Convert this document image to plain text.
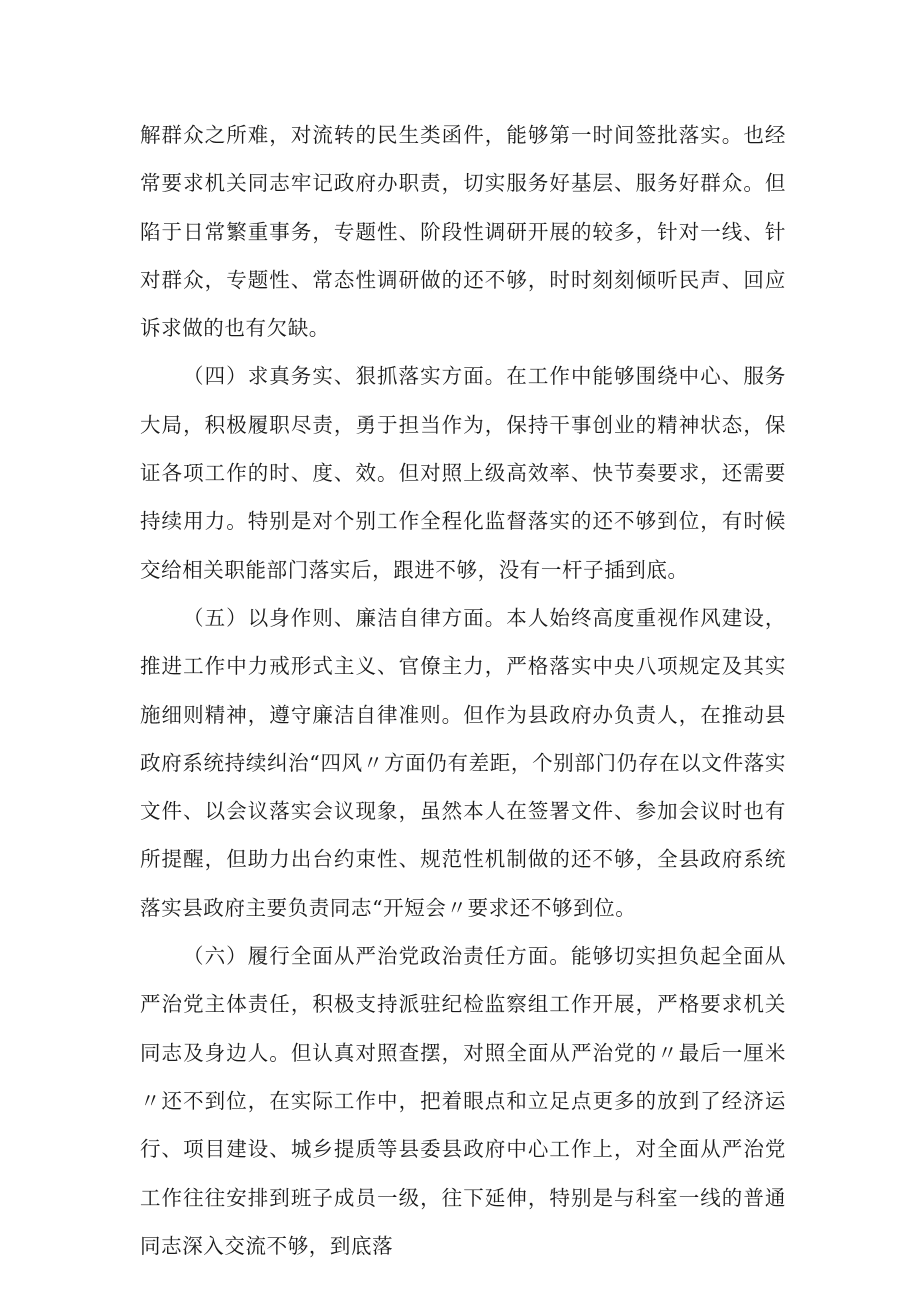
解群众之所难，对流转的民生类函件，能够第一时间签批落实。也经常要求机关同志牢记政府办职责，切实服务好基层、服务好群众。但陷于日常繁重事务，专题性、阶段性调研开展的较多，针对一线、针对群众，专题性、常态性调研做的还不够，时时刻刻倾听民声、回应诉求做的也有欠缺。

（四）求真务实、狠抓落实方面。在工作中能够围绕中心、服务大局，积极履职尽责，勇于担当作为，保持干事创业的精神状态，保证各项工作的时、度、效。但对照上级高效率、快节奏要求，还需要持续用力。特别是对个别工作全程化监督落实的还不够到位，有时候交给相关职能部门落实后，跟进不够，没有一杆子插到底。

（五）以身作则、廉洁自律方面。本人始终高度重视作风建设，推进工作中力戒形式主义、官僚主力，严格落实中央八项规定及其实施细则精神，遵守廉洁自律准则。但作为县政府办负责人，在推动县政府系统持续纠治“四风〃方面仍有差距，个别部门仍存在以文件落实文件、以会议落实会议现象，虽然本人在签署文件、参加会议时也有所提醒，但助力出台约束性、规范性机制做的还不够，全县政府系统落实县政府主要负责同志“开短会〃要求还不够到位。

（六）履行全面从严治党政治责任方面。能够切实担负起全面从严治党主体责任，积极支持派驻纪检监察组工作开展，严格要求机关同志及身边人。但认真对照查摆，对照全面从严治党的〃最后一厘米〃还不到位，在实际工作中，把着眼点和立足点更多的放到了经济运行、项目建设、城乡提质等县委县政府中心工作上，对全面从严治党工作往往安排到班子成员一级，往下延伸，特别是与科室一线的普通同志深入交流不够，到底落
